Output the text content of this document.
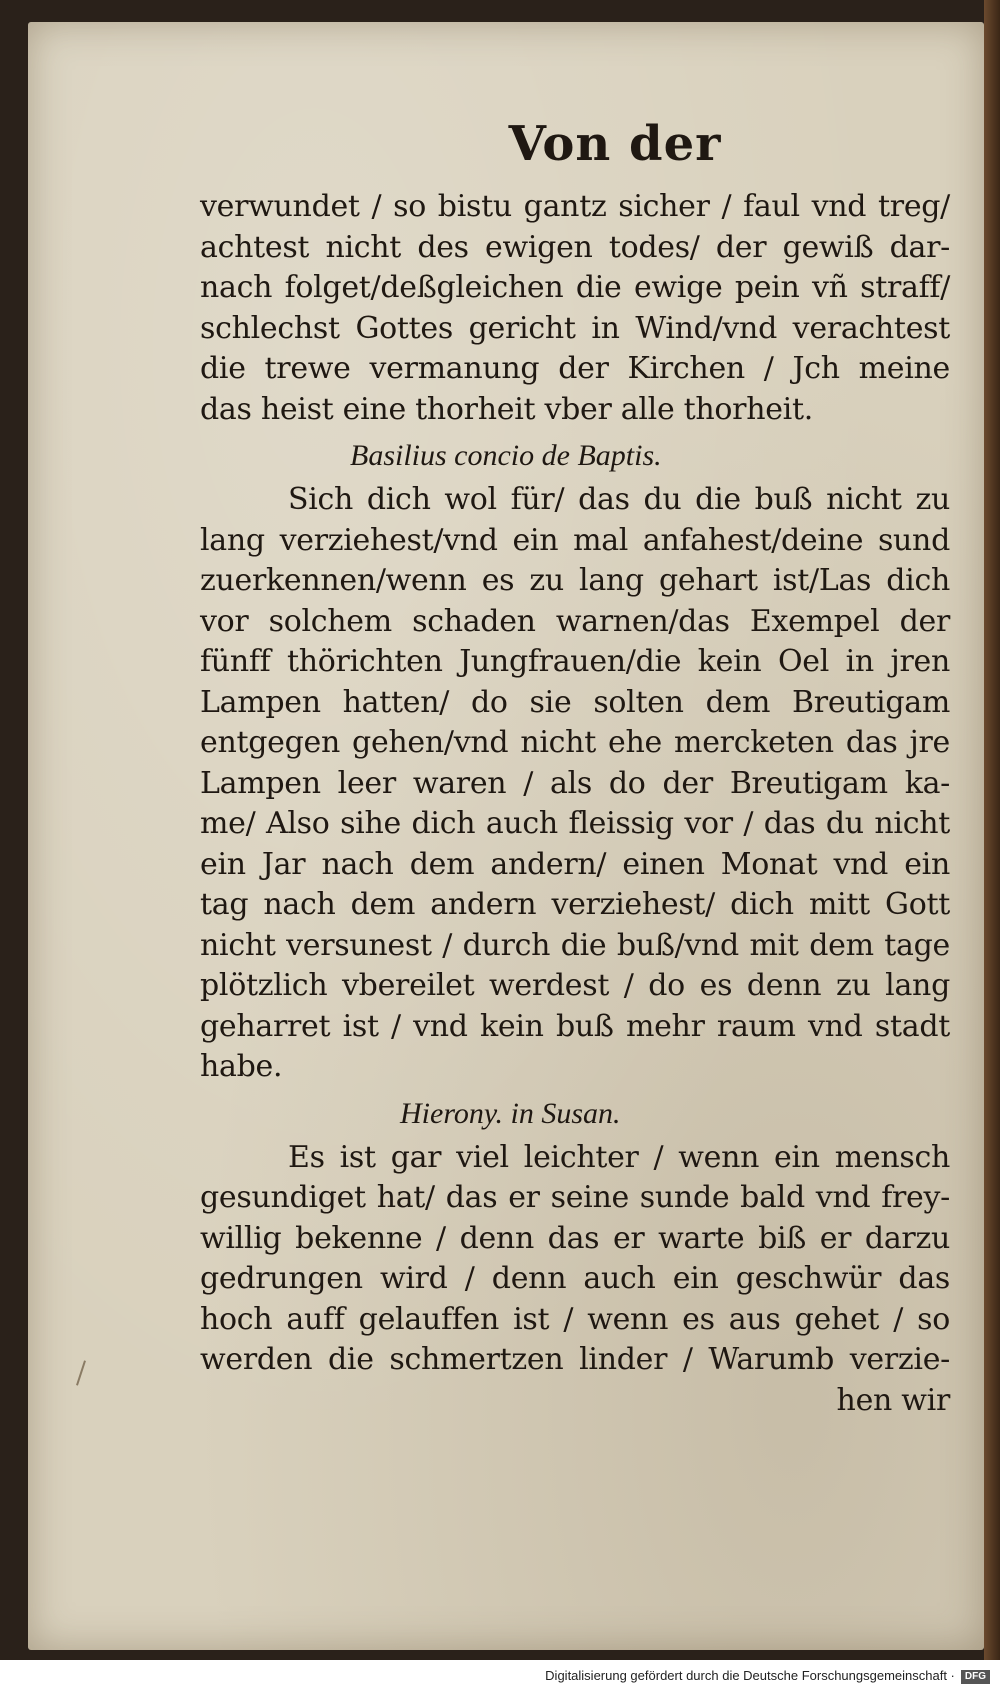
Von der
verwundet / so bistu gantz sicher / faul vnd treg/
achtest nicht des ewigen todes/ der gewiß dar-
nach folget/deßgleichen die ewige pein vñ straff/
schlechst Gottes gericht in Wind/vnd verachtest
die trewe vermanung der Kirchen / Jch meine
das heist eine thorheit vber alle thorheit.
Basilius concio de Baptis.
Sich dich wol für/ das du die buß nicht zu
lang verziehest/vnd ein mal anfahest/deine sund
zuerkennen/wenn es zu lang gehart ist/Las dich
vor solchem schaden warnen/das Exempel der
fünff thörichten Jungfrauen/die kein Oel in jren
Lampen hatten/ do sie solten dem Breutigam
entgegen gehen/vnd nicht ehe mercketen das jre
Lampen leer waren / als do der Breutigam ka-
me/ Also sihe dich auch fleissig vor / das du nicht
ein Jar nach dem andern/ einen Monat vnd ein
tag nach dem andern verziehest/ dich mitt Gott
nicht versunest / durch die buß/vnd mit dem tage
plötzlich vbereilet werdest / do es denn zu lang
geharret ist / vnd kein buß mehr raum vnd stadt
habe.
Hierony. in Susan.
Es ist gar viel leichter / wenn ein mensch
gesundiget hat/ das er seine sunde bald vnd frey-
willig bekenne / denn das er warte biß er darzu
gedrungen wird / denn auch ein geschwür das
hoch auff gelauffen ist / wenn es aus gehet / so
werden die schmertzen linder / Warumb verzie-
hen wir
Digitalisierung gefördert durch die Deutsche Forschungsgemeinschaft · DFG
